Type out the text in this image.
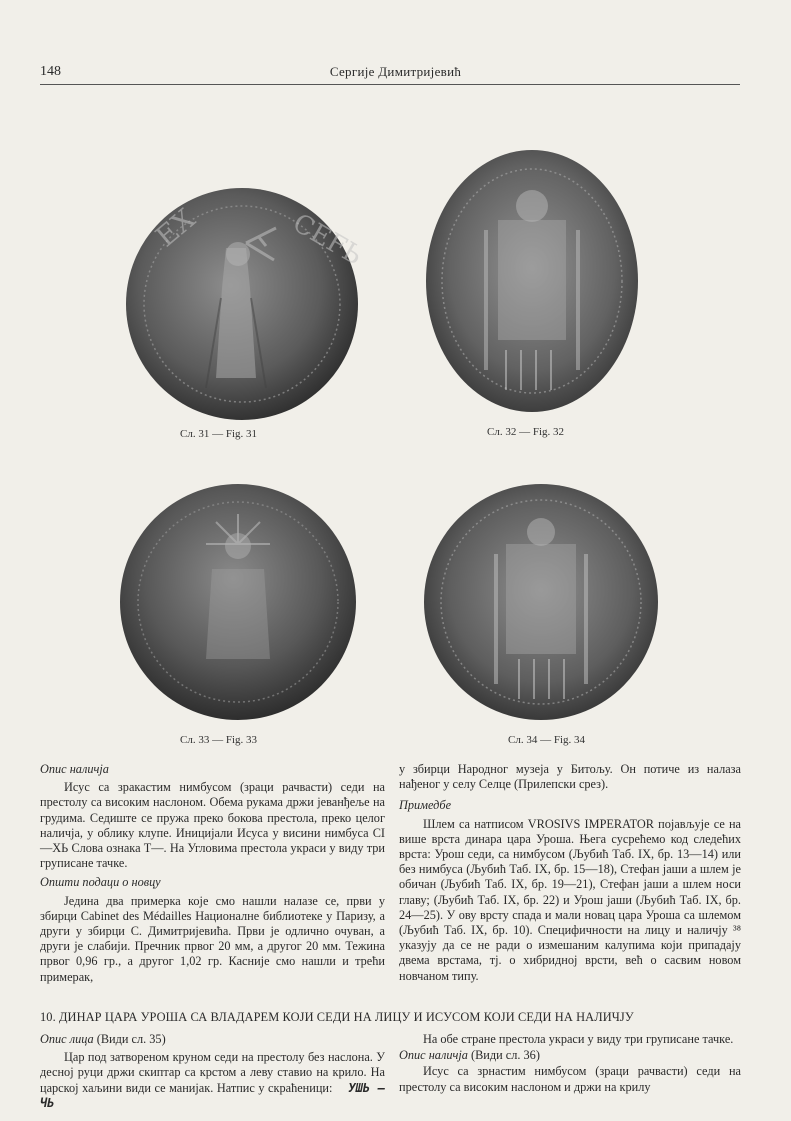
148	Сергије Димитријевић
EX	CEFЬ
Сл. 31 — Fig. 31	Сл. 32 — Fig. 32
Сл. 33 — Fig. 33	Сл. 34 — Fig. 34

Опис наличја

Исус са зракастим нимбусом (зраци рачвасти) седи на престолу са високим наслоном. Обема рукама држи јеванђеље на грудима. Седиште се пружа преко бокова престола, преко целог наличја, у облику клупе. Иницијали Исуса у висини нимбуса CI—XЬ Слова ознака T—. На Угловима престола украси у виду три груписане тачке.

Општи подаци о новцу

Једина два примерка које смо нашли налазе се, први у збирци Cabinet des Médailles Националне библиотеке у Паризу, а други у збирци С. Димитријевића. Први је одлично очуван, а други је слабији. Пречник првог 20 мм, а другог 20 мм. Тежина првог 0,96 гр., а другог 1,02 гр. Касније смо нашли и трећи примерак,

у збирци Народног музеја у Битољу. Он потиче из налаза нађеног у селу Селце (Прилепски срез).

Примедбе

Шлем са натписом VROSIVS IMPERATOR појављује се на више врста динара цара Уроша. Њега сусрећемо код следећих врста: Урош седи, са нимбусом (Љубић Таб. IX, бр. 13—14) или без нимбуса (Љубић Таб. IX, бр. 15—18), Стефан јаши а шлем је обичан (Љубић Таб. IX, бр. 19—21), Стефан јаши а шлем носи главу; (Љубић Таб. IX, бр. 22) и Урош јаши (Љубић Таб. IX, бр. 24—25). У ову врсту спада и мали новац цара Уроша са шлемом (Љубић Таб. IX, бр. 10). Специфичности на лицу и наличју ³⁸ указују да се не ради о измешаним калупима који припадају двема врстама, тј. о хибридној врсти, већ о сасвим новом новчаном типу.

10. ДИНАР ЦАРА УРОША СА ВЛАДАРЕМ КОЈИ СЕДИ НА ЛИЦУ И ИСУСОМ КОЈИ СЕДИ НА НАЛИЧЈУ

Опис лица (Види сл. 35)

Цар под затвореном круном седи на престолу без наслона. У десној руци држи скиптар са крстом а леву ставио на крило. На царској хаљини види се манијак. Натпис у скраћеници: УШЬ — ЧЬ

На обе стране престола украси у виду три груписане тачке.

Опис наличја (Види сл. 36)

Исус са зрнастим нимбусом (зраци рачвасти) седи на престолу са високим наслоном и држи на крилу
